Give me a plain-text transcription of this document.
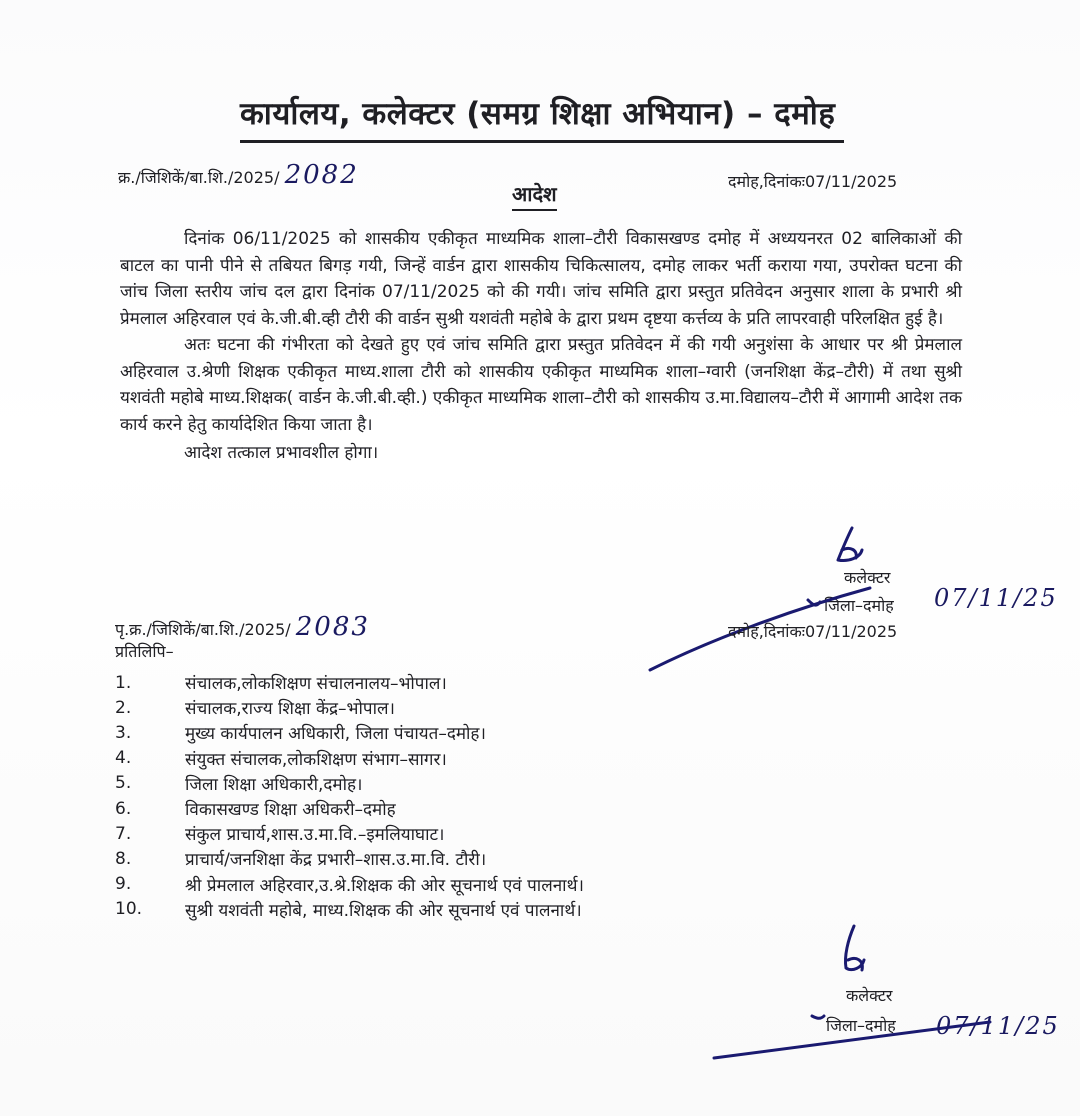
कार्यालय, कलेक्टर (समग्र शिक्षा अभियान) – दमोह
क्र./जिशिकें/बा.शि./2025/ 2082	दमोह,दिनांकः07/11/2025
आदेश

दिनांक 06/11/2025 को शासकीय एकीकृत माध्यमिक शाला–टौरी विकासखण्ड दमोह में अध्ययनरत 02 बालिकाओं की बाटल का पानी पीने से तबियत बिगड़ गयी, जिन्हें वार्डन द्वारा शासकीय चिकित्सालय, दमोह लाकर भर्ती कराया गया, उपरोक्त घटना की जांच जिला स्तरीय जांच दल द्वारा दिनांक 07/11/2025 को की गयी। जांच समिति द्वारा प्रस्तुत प्रतिवेदन अनुसार शाला के प्रभारी श्री प्रेमलाल अहिरवाल एवं के.जी.बी.व्ही टौरी की वार्डन सुश्री यशवंती महोबे के द्वारा प्रथम दृष्टया कर्त्तव्य के प्रति लापरवाही परिलक्षित हुई है।

अतः घटना की गंभीरता को देखते हुए एवं जांच समिति द्वारा प्रस्तुत प्रतिवेदन में की गयी अनुशंसा के आधार पर श्री प्रेमलाल अहिरवाल उ.श्रेणी शिक्षक एकीकृत माध्य.शाला टौरी को शासकीय एकीकृत माध्यमिक शाला–ग्वारी (जनशिक्षा केंद्र–टौरी) में तथा सुश्री यशवंती महोबे माध्य.शिक्षक( वार्डन के.जी.बी.व्ही.) एकीकृत माध्यमिक शाला–टौरी को शासकीय उ.मा.विद्यालय–टौरी में आगामी आदेश तक कार्य करने हेतु कार्यादेशित किया जाता है।

आदेश तत्काल प्रभावशील होगा।

कलेक्टर
जिला–दमोह 07/11/25
पृ.क्र./जिशिकें/बा.शि./2025/ 2083	दमोह,दिनांकः07/11/2025
प्रतिलिपि–
1.	संचालक,लोकशिक्षण संचालनालय–भोपाल।
2.	संचालक,राज्य शिक्षा केंद्र–भोपाल।
3.	मुख्य कार्यपालन अधिकारी, जिला पंचायत–दमोह।
4.	संयुक्त संचालक,लोकशिक्षण संभाग–सागर।
5.	जिला शिक्षा अधिकारी,दमोह।
6.	विकासखण्ड शिक्षा अधिकरी–दमोह
7.	संकुल प्राचार्य,शास.उ.मा.वि.–इमलियाघाट।
8.	प्राचार्य/जनशिक्षा केंद्र प्रभारी–शास.उ.मा.वि. टौरी।
9.	श्री प्रेमलाल अहिरवार,उ.श्रे.शिक्षक की ओर सूचनार्थ एवं पालनार्थ।
10.	सुश्री यशवंती महोबे, माध्य.शिक्षक की ओर सूचनार्थ एवं पालनार्थ।
कलेक्टर
जिला–दमोह 07/11/25
